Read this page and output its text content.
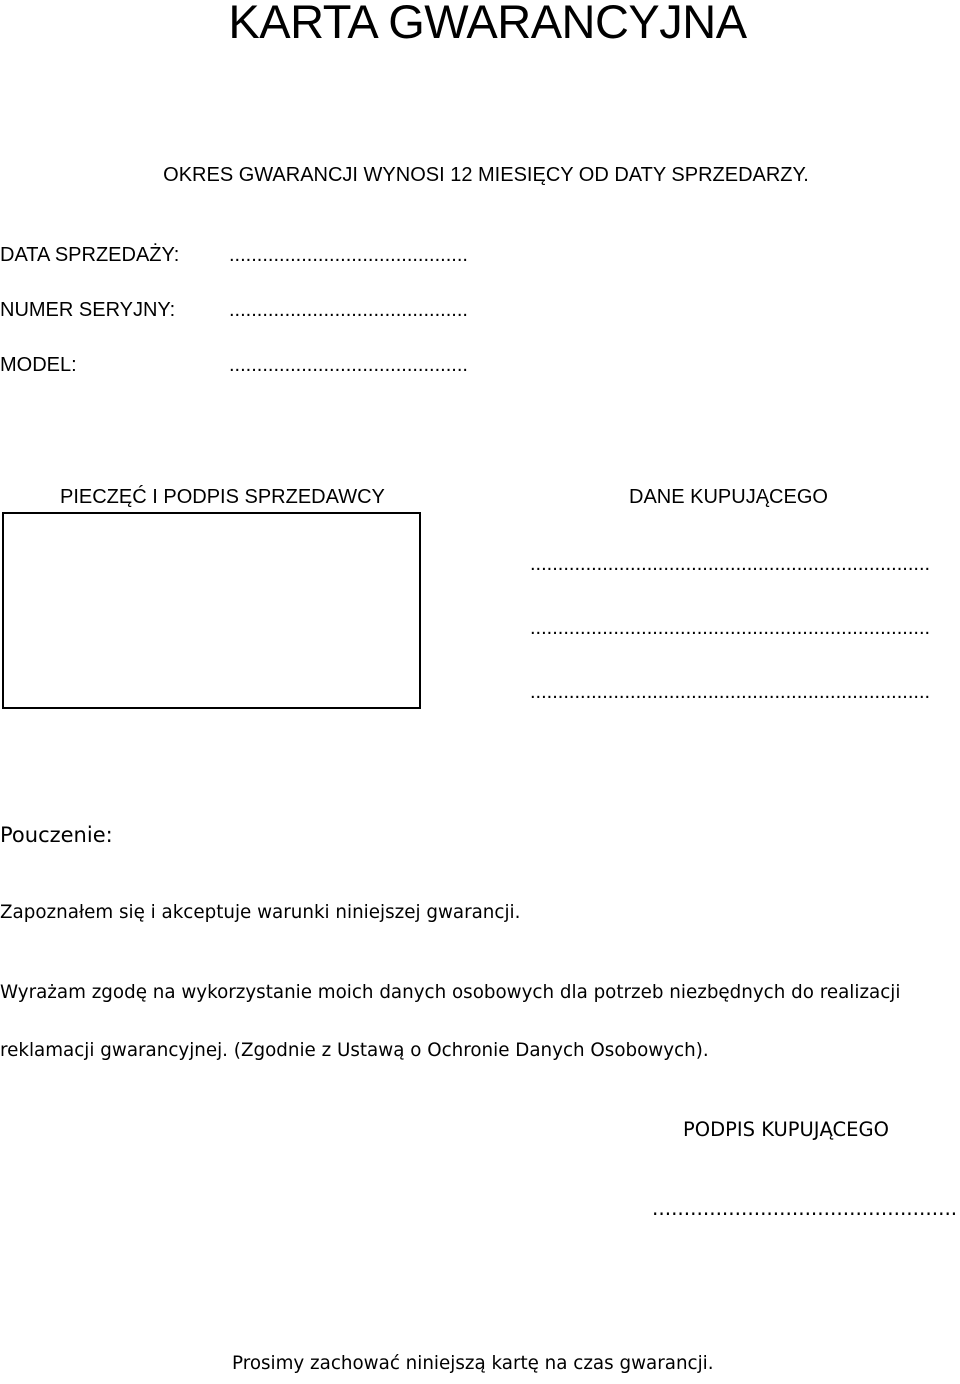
KARTA GWARANCYJNA
OKRES GWARANCJI WYNOSI 12 MIESIĘCY OD DATY SPRZEDARZY.
DATA SPRZEDAŻY: ...........................................
NUMER SERYJNY:	...........................................
MODEL:	...........................................
PIECZĘĆ I PODPIS SPRZEDAWCY	DANE KUPUJĄCEGO
........................................................................
........................................................................
........................................................................
Pouczenie:
Zapoznałem się i akceptuje warunki niniejszej gwarancji.
Wyrażam zgodę na wykorzystanie moich danych osobowych dla potrzeb niezbędnych do realizacji
reklamacji gwarancyjnej. (Zgodnie z Ustawą o Ochronie Danych Osobowych).
PODPIS KUPUJĄCEGO
................................................
Prosimy zachować niniejszą kartę na czas gwarancji.
